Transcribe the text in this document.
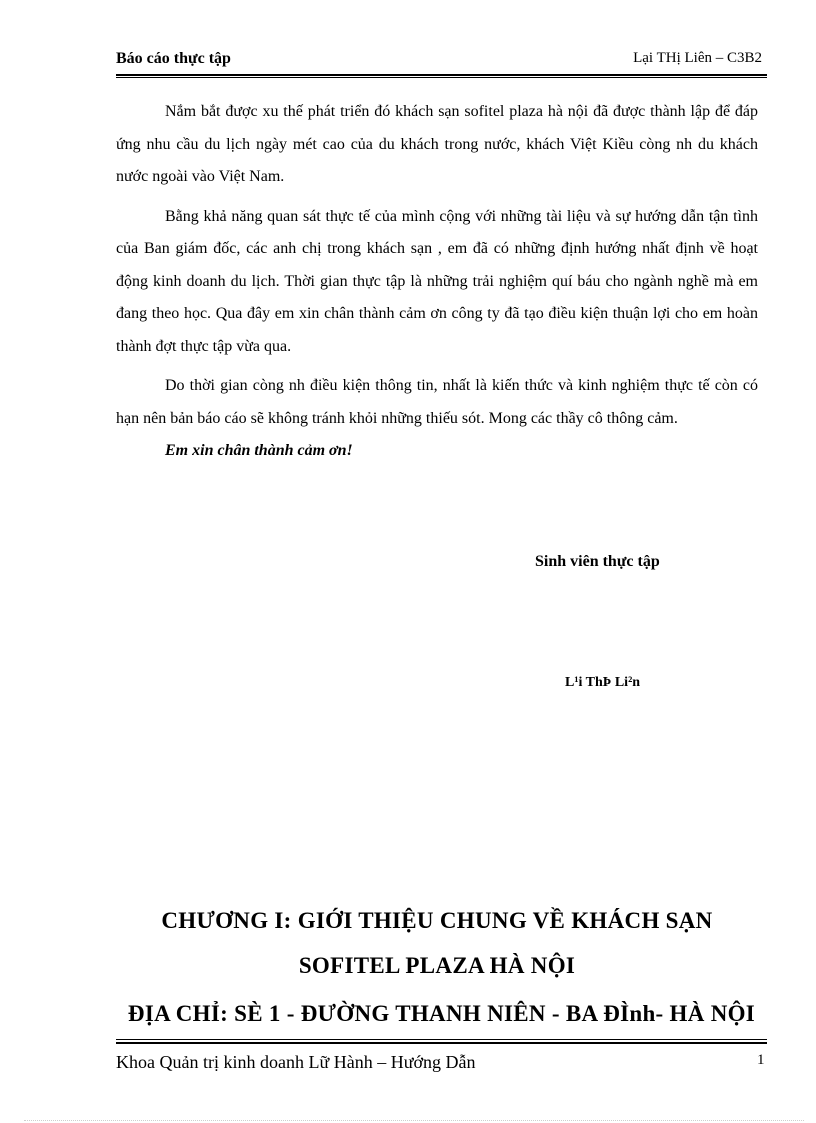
Báo cáo thực tập	Lại THị Liên – C3B2

Nắm bắt được xu thế phát triển đó khách sạn sofitel plaza hà nội đã được thành lập để đáp ứng nhu cầu du lịch ngày mét cao của du khách trong nước, khách Việt Kiều còng nh du khách nước ngoài vào Việt Nam.

Bằng khả năng quan sát thực tế của mình cộng với những tài liệu và sự hướng dẫn tận tình của Ban giám đốc, các anh chị trong khách sạn , em đã có những định hướng nhất định về hoạt động kinh doanh du lịch. Thời gian thực tập là những trải nghiệm quí báu cho ngành nghề mà em đang theo học. Qua đây em xin chân thành cảm ơn công ty đã tạo điều kiện thuận lợi cho em hoàn thành đợt thực tập vừa qua.

Do thời gian còng nh điều kiện thông tin, nhất là kiến thức và kinh nghiệm thực tế còn có hạn nên bản báo cáo sẽ không tránh khỏi những thiếu sót. Mong các thầy cô thông cảm.

Em xin chân thành cảm ơn!

Sinh viên thực tập
L¹i ThÞ Li²n
CHƯƠNG I: GIỚI THIỆU CHUNG VỀ KHÁCH SẠN
SOFITEL PLAZA HÀ NỘI
ĐỊA CHỈ: SÈ 1 - ĐƯỜNG THANH NIÊN - BA ĐÌnh- HÀ NỘI
Khoa Quản trị kinh doanh Lữ Hành – Hướng Dẫn	1
